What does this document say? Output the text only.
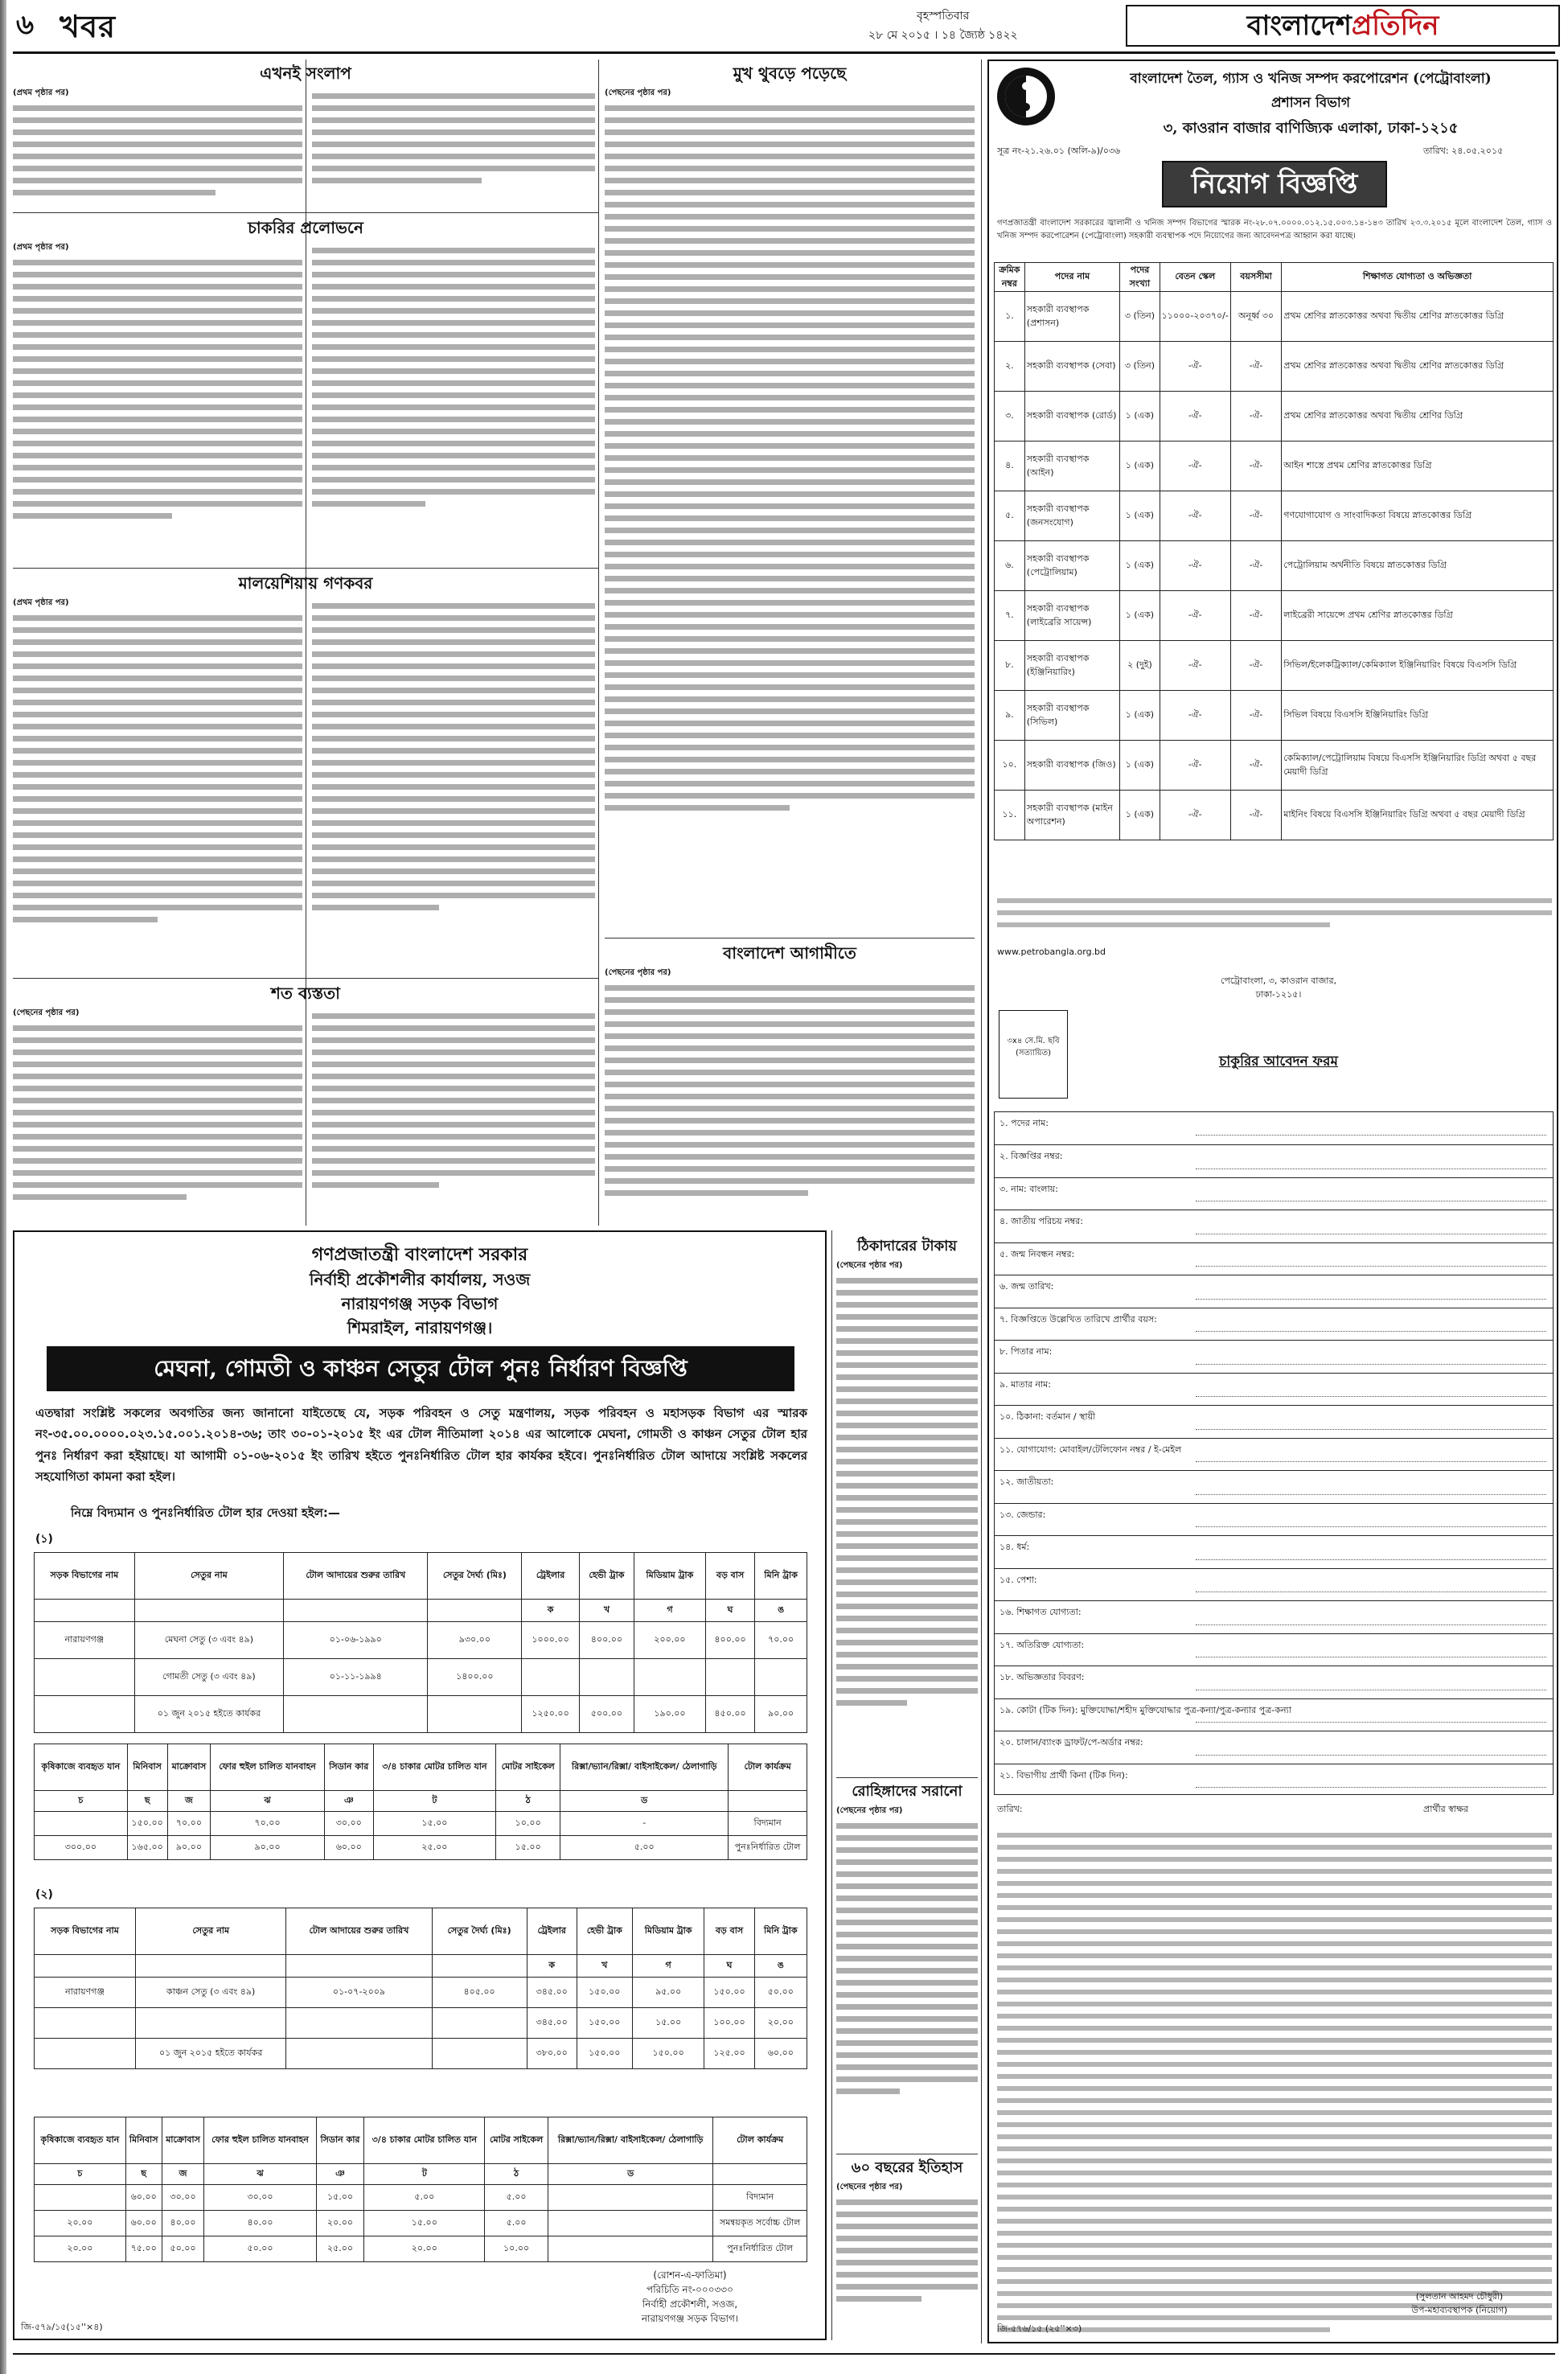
৬ খবর	বৃহস্পতিবার
২৮ মে ২০১৫ । ১৪ জ্যৈষ্ঠ ১৪২২	বাংলাদেশ প্রতিদিন
এখনই সংলাপ
(প্রথম পৃষ্ঠার পর)
চাকরির প্রলোভনে
(প্রথম পৃষ্ঠার পর)
মালয়েশিয়ায় গণকবর
(প্রথম পৃষ্ঠার পর)
শত ব্যস্ততা
(পেছনের পৃষ্ঠার পর)
মুখ থুবড়ে পড়েছে
(পেছনের পৃষ্ঠার পর)
বাংলাদেশ আগামীতে
(পেছনের পৃষ্ঠার পর)
ঠিকাদারের টাকায়
(পেছনের পৃষ্ঠার পর)
রোহিঙ্গাদের সরানো
(পেছনের পৃষ্ঠার পর)
৬০ বছরের ইতিহাস
(পেছনের পৃষ্ঠার পর)
গণপ্রজাতন্ত্রী বাংলাদেশ সরকার
নির্বাহী প্রকৌশলীর কার্যালয়, সওজ
নারায়ণগঞ্জ সড়ক বিভাগ
শিমরাইল, নারায়ণগঞ্জ।
মেঘনা, গোমতী ও কাঞ্চন সেতুর টোল পুনঃ নির্ধারণ বিজ্ঞপ্তি
এতদ্বারা সংশ্লিষ্ট সকলের অবগতির জন্য জানানো যাইতেছে যে, সড়ক পরিবহন ও সেতু মন্ত্রণালয়, সড়ক পরিবহন ও মহাসড়ক বিভাগ এর স্মারক নং-৩৫.০০.০০০০.০২৩.১৫.০০১.২০১৪-৩৬; তাং ৩০-০১-২০১৫ ইং এর টোল নীতিমালা ২০১৪ এর আলোকে মেঘনা, গোমতী ও কাঞ্চন সেতুর টোল হার পুনঃ নির্ধারণ করা হইয়াছে। যা আগামী ০১-০৬-২০১৫ ইং তারিখ হইতে পুনঃনির্ধারিত টোল হার কার্যকর হইবে। পুনঃনির্ধারিত টোল আদায়ে সংশ্লিষ্ট সকলের সহযোগিতা কামনা করা হইল।
নিম্নে বিদ্যমান ও পুনঃনির্ধারিত টোল হার দেওয়া হইল:—
(১)
সড়ক বিভাগের নাম	সেতুর নাম	টোল আদায়ের শুরুর তারিখ	সেতুর দৈর্ঘ্য (মিঃ)	ট্রেইলার	হেভী ট্রাক	মিডিয়াম ট্রাক	বড় বাস	মিনি ট্রাক
				ক	খ	গ	ঘ	ঙ
নারায়ণগঞ্জ	মেঘনা সেতু (৩ এবং ৪৯)	০১-০৬-১৯৯০	৯৩০.০০	১০০০.০০	৪০০.০০	২০০.০০	৪০০.০০	৭০.০০
	গোমতী সেতু (৩ এবং ৪৯)	০১-১১-১৯৯৪	১৪০০.০০					
	০১ জুন ২০১৫ হইতে কার্যকর			১২৫০.০০	৫০০.০০	১৯০.০০	৪৫০.০০	৯০.০০
কৃষিকাজে ব্যবহৃত যান	মিনিবাস	মাক্রোবাস	ফোর হুইল চালিত যানবাহন	সিডান কার	৩/৪ চাকার মোটর চালিত যান	মোটর সাইকেল	রিক্সা/ভ্যান/রিক্সা/ বাইসাইকেল/ ঠেলাগাড়ি	টোল কার্যক্রম
চ	ছ	জ	ঝ	ঞ	ট	ঠ	ড	
	১৫০.০০	৭০.০০	৭০.০০	৩০.০০	১৫.০০	১০.০০	-	বিদ্যমান
৩০০.০০	১৬৫.০০	৯০.০০	৯০.০০	৬০.০০	২৫.০০	১৫.০০	৫.০০	পুনঃনির্ধারিত টোল
(২)
সড়ক বিভাগের নাম	সেতুর নাম	টোল আদায়ের শুরুর তারিখ	সেতুর দৈর্ঘ্য (মিঃ)	ট্রেইলার	হেভী ট্রাক	মিডিয়াম ট্রাক	বড় বাস	মিনি ট্রাক
				ক	খ	গ	ঘ	ঙ
নারায়ণগঞ্জ	কাঞ্চন সেতু (৩ এবং ৪৯)	০১-০৭-২০০৯	৪০৫.০০	৩৪৫.০০	১৫০.০০	৯৫.০০	১৫০.০০	৫০.০০
				৩৪৫.০০	১৫০.০০	১৫.০০	১০০.০০	২০.০০
	০১ জুন ২০১৫ হইতে কার্যকর			৩৮০.০০	১৫০.০০	১৫০.০০	১২৫.০০	৬০.০০
কৃষিকাজে ব্যবহৃত যান	মিনিবাস	মাক্রোবাস	ফোর হুইল চালিত যানবাহন	সিডান কার	৩/৪ চাকার মোটর চালিত যান	মোটর সাইকেল	রিক্সা/ভ্যান/রিক্সা/ বাইসাইকেল/ ঠেলাগাড়ি	টোল কার্যক্রম
চ	ছ	জ	ঝ	ঞ	ট	ঠ	ড	
	৬০.০০	৩০.০০	৩০.০০	১৫.০০	৫.০০	৫.০০		বিদ্যমান
২০.০০	৬০.০০	৪০.০০	৪০.০০	২০.০০	১৫.০০	৫.০০		সমন্বয়কৃত সর্বোচ্চ টোল
২০.০০	৭৫.০০	৫০.০০	৫০.০০	২৫.০০	২০.০০	১০.০০		পুনঃনির্ধারিত টোল
(রোশন-এ-ফাতিমা)
পরিচিতি নং-০০০৩৩০
নির্বাহী প্রকৌশলী, সওজ,
নারায়ণগঞ্জ সড়ক বিভাগ।
জি-৫৭৯/১৫(১৫''×৪)
বাংলাদেশ তৈল, গ্যাস ও খনিজ সম্পদ করপোরেশন (পেট্রোবাংলা)
প্রশাসন বিভাগ
৩, কাওরান বাজার বাণিজ্যিক এলাকা, ঢাকা-১২১৫
সূত্র নং-২১.২৬.০১ (অলি-৯)/০৩৬	তারিখ: ২৪.০৫.২০১৫
নিয়োগ বিজ্ঞপ্তি
গণপ্রজাতন্ত্রী বাংলাদেশ সরকারের জ্বালানী ও খনিজ সম্পদ বিভাগের স্মারক নং-২৮.০৭.০০০০.০১২.১৫.০০৩.১৪-১৪৩ তারিখ ২৩.৩.২০১৫ মূলে বাংলাদেশ তৈল, গ্যাস ও খনিজ সম্পদ করপোরেশন (পেট্রোবাংলা) সহকারী ব্যবস্থাপক পদে নিয়োগের জন্য আবেদনপত্র আহ্বান করা যাচ্ছে।
ক্রমিক নম্বর	পদের নাম	পদের সংখ্যা	বেতন স্কেল	বয়সসীমা	শিক্ষাগত যোগ্যতা ও অভিজ্ঞতা
১.	সহকারী ব্যবস্থাপক (প্রশাসন)	৩ (তিন)	১১০০০-২০৩৭০/-	অনূর্ধ্ব ৩০	প্রথম শ্রেণির স্নাতকোত্তর অথবা দ্বিতীয় শ্রেণির স্নাতকোত্তর ডিগ্রি
২.	সহকারী ব্যবস্থাপক (সেবা)	৩ (তিন)	-ঐ-	-ঐ-	প্রথম শ্রেণির স্নাতকোত্তর অথবা দ্বিতীয় শ্রেণির স্নাতকোত্তর ডিগ্রি
৩.	সহকারী ব্যবস্থাপক (রোর্ড)	১ (এক)	-ঐ-	-ঐ-	প্রথম শ্রেণির স্নাতকোত্তর অথবা দ্বিতীয় শ্রেণির ডিগ্রি
৪.	সহকারী ব্যবস্থাপক (আইন)	১ (এক)	-ঐ-	-ঐ-	আইন শাস্ত্রে প্রথম শ্রেণির স্নাতকোত্তর ডিগ্রি
৫.	সহকারী ব্যবস্থাপক (জনসংযোগ)	১ (এক)	-ঐ-	-ঐ-	গণযোগাযোগ ও সাংবাদিকতা বিষয়ে স্নাতকোত্তর ডিগ্রি
৬.	সহকারী ব্যবস্থাপক (পেট্রোলিয়াম)	১ (এক)	-ঐ-	-ঐ-	পেট্রোলিয়াম অর্থনীতি বিষয়ে স্নাতকোত্তর ডিগ্রি
৭.	সহকারী ব্যবস্থাপক (লাইব্রেরি সায়েন্স)	১ (এক)	-ঐ-	-ঐ-	লাইব্রেরী সায়েন্সে প্রথম শ্রেণির স্নাতকোত্তর ডিগ্রি
৮.	সহকারী ব্যবস্থাপক (ইঞ্জিনিয়ারিং)	২ (দুই)	-ঐ-	-ঐ-	সিভিল/ইলেকট্রিক্যাল/কেমিক্যাল ইঞ্জিনিয়ারিং বিষয়ে বিএসসি ডিগ্রি
৯.	সহকারী ব্যবস্থাপক (সিভিল)	১ (এক)	-ঐ-	-ঐ-	সিভিল বিষয়ে বিএসসি ইঞ্জিনিয়ারিং ডিগ্রি
১০.	সহকারী ব্যবস্থাপক (জিও)	১ (এক)	-ঐ-	-ঐ-	কেমিক্যাল/পেট্রোলিয়াম বিষয়ে বিএসসি ইঞ্জিনিয়ারিং ডিগ্রি অথবা ৫ বছর মেয়াদী ডিগ্রি
১১.	সহকারী ব্যবস্থাপক (মাইন অপারেশন)	১ (এক)	-ঐ-	-ঐ-	মাইনিং বিষয়ে বিএসসি ইঞ্জিনিয়ারিং ডিগ্রি অথবা ৫ বছর মেয়াদী ডিগ্রি
www.petrobangla.org.bd
পেট্রোবাংলা, ৩, কাওরান বাজার, ঢাকা-১২১৫।
৩x৪ সে.মি. ছবি (সত্যায়িত)
চাকুরির আবেদন ফরম
১. পদের নাম:
২. বিজ্ঞপ্তির নম্বর:
৩. নাম: বাংলায়:
৪. জাতীয় পরিচয় নম্বর:
৫. জন্ম নিবন্ধন নম্বর:
৬. জন্ম তারিখ:
৭. বিজ্ঞপ্তিতে উল্লেখিত তারিখে প্রার্থীর বয়স:
৮. পিতার নাম:
৯. মাতার নাম:
১০. ঠিকানা: বর্তমান / স্থায়ী
১১. যোগাযোগ: মোবাইল/টেলিফোন নম্বর / ই-মেইল
১২. জাতীয়তা:
১৩. জেন্ডার:
১৪. ধর্ম:
১৫. পেশা:
১৬. শিক্ষাগত যোগ্যতা:
১৭. অতিরিক্ত যোগ্যতা:
১৮. অভিজ্ঞতার বিবরণ:
১৯. কোটা (টিক দিন): মুক্তিযোদ্ধা/শহীদ মুক্তিযোদ্ধার পুত্র-কন্যা/পুত্র-কন্যার পুত্র-কন্যা
২০. চালান/ব্যাংক ড্রাফট/পে-অর্ডার নম্বর:
২১. বিভাগীয় প্রার্থী কিনা (টিক দিন):
প্রার্থীর স্বাক্ষর
তারিখ:
(সুলতান আহমদ চৌধুরী)
উপ-মহাব্যবস্থাপক (নিয়োগ)
জি-৫৭৬/১৫ (২৫''×৩)
